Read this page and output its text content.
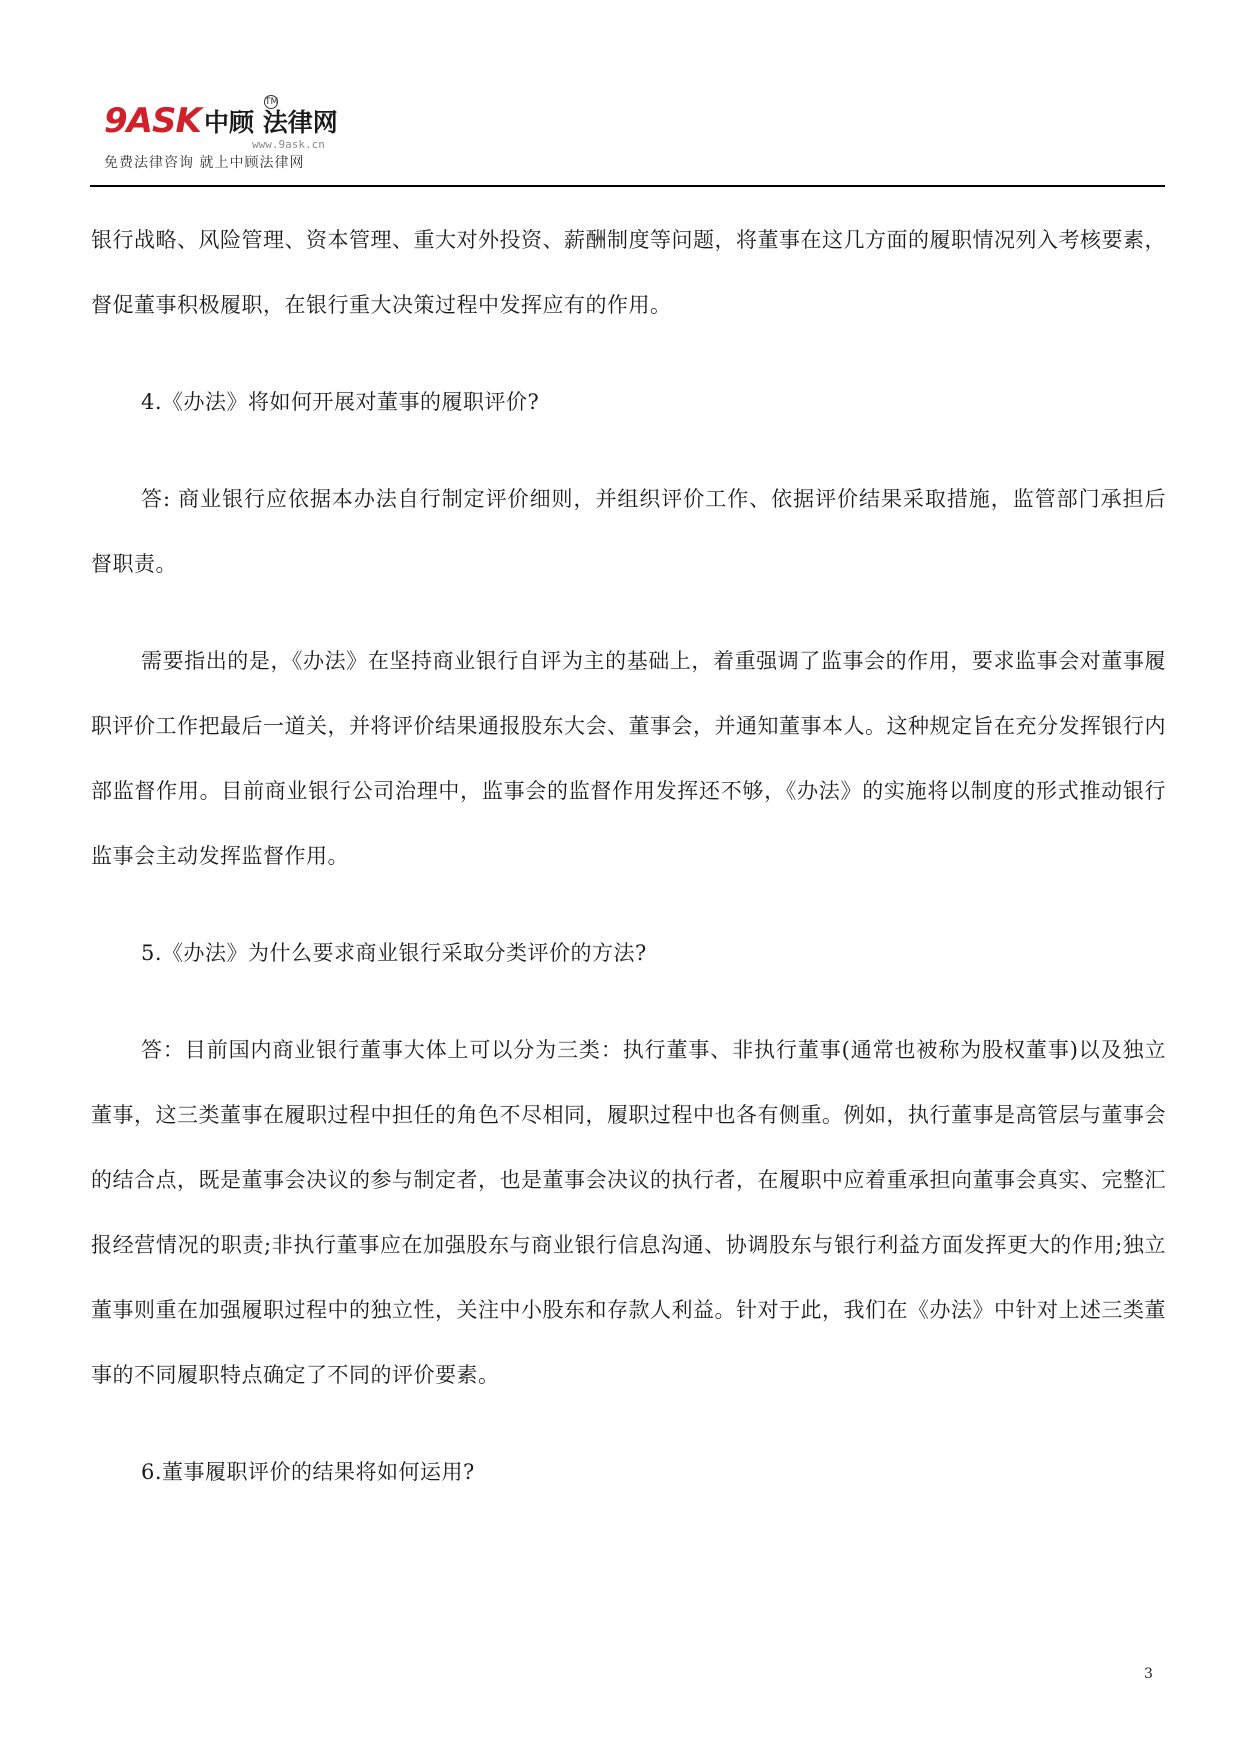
9ASK 中顾 法律网
TM
www.9ask.cn
免费法律咨询 就上中顾法律网

银行战略、风险管理、资本管理、重大对外投资、薪酬制度等问题，将董事在这几方面的履职情况列入考核要素，督促董事积极履职，在银行重大决策过程中发挥应有的作用。

4.《办法》将如何开展对董事的履职评价?

答: 商业银行应依据本办法自行制定评价细则，并组织评价工作、依据评价结果采取措施，监管部门承担后督职责。

需要指出的是，《办法》在坚持商业银行自评为主的基础上，着重强调了监事会的作用，要求监事会对董事履职评价工作把最后一道关，并将评价结果通报股东大会、董事会，并通知董事本人。这种规定旨在充分发挥银行内部监督作用。目前商业银行公司治理中，监事会的监督作用发挥还不够，《办法》的实施将以制度的形式推动银行监事会主动发挥监督作用。

5.《办法》为什么要求商业银行采取分类评价的方法?

答：目前国内商业银行董事大体上可以分为三类：执行董事、非执行董事(通常也被称为股权董事)以及独立董事，这三类董事在履职过程中担任的角色不尽相同，履职过程中也各有侧重。例如，执行董事是高管层与董事会的结合点，既是董事会决议的参与制定者，也是董事会决议的执行者，在履职中应着重承担向董事会真实、完整汇报经营情况的职责;非执行董事应在加强股东与商业银行信息沟通、协调股东与银行利益方面发挥更大的作用;独立董事则重在加强履职过程中的独立性，关注中小股东和存款人利益。针对于此，我们在《办法》中针对上述三类董事的不同履职特点确定了不同的评价要素。

6.董事履职评价的结果将如何运用?

3
